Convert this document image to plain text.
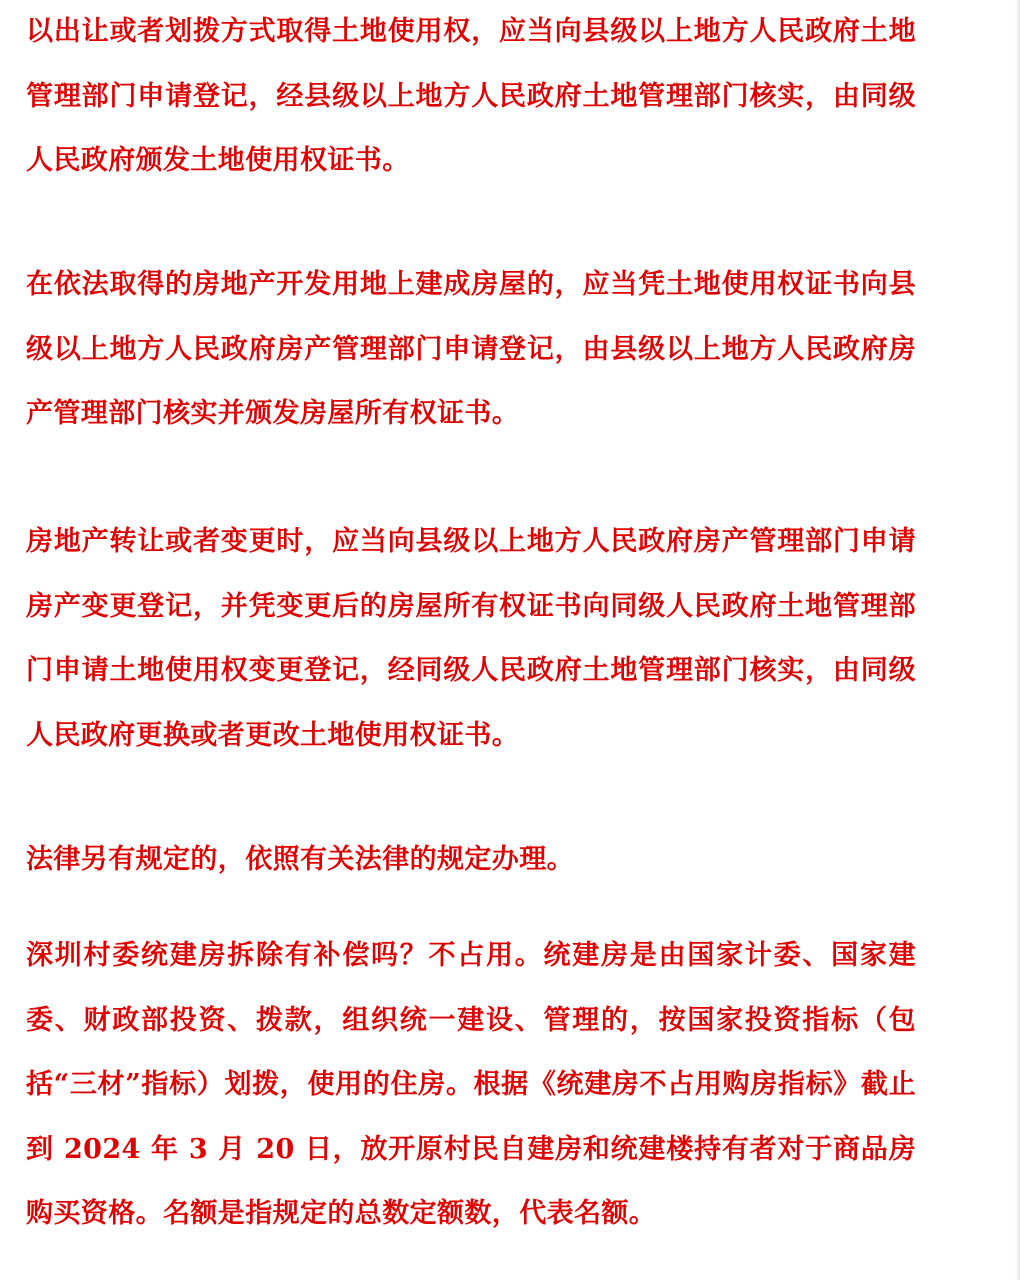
以出让或者划拨方式取得土地使用权，应当向县级以上地方人民政府土地管理部门申请登记，经县级以上地方人民政府土地管理部门核实，由同级人民政府颁发土地使用权证书。

在依法取得的房地产开发用地上建成房屋的，应当凭土地使用权证书向县级以上地方人民政府房产管理部门申请登记，由县级以上地方人民政府房产管理部门核实并颁发房屋所有权证书。

房地产转让或者变更时，应当向县级以上地方人民政府房产管理部门申请房产变更登记，并凭变更后的房屋所有权证书向同级人民政府土地管理部门申请土地使用权变更登记，经同级人民政府土地管理部门核实，由同级人民政府更换或者更改土地使用权证书。

法律另有规定的，依照有关法律的规定办理。

深圳村委统建房拆除有补偿吗？不占用。统建房是由国家计委、国家建委、财政部投资、拨款，组织统一建设、管理的，按国家投资指标（包括“三材”指标）划拨，使用的住房。根据《统建房不占用购房指标》截止到 2024 年 3 月 20 日，放开原村民自建房和统建楼持有者对于商品房购买资格。名额是指规定的总数定额数，代表名额。
